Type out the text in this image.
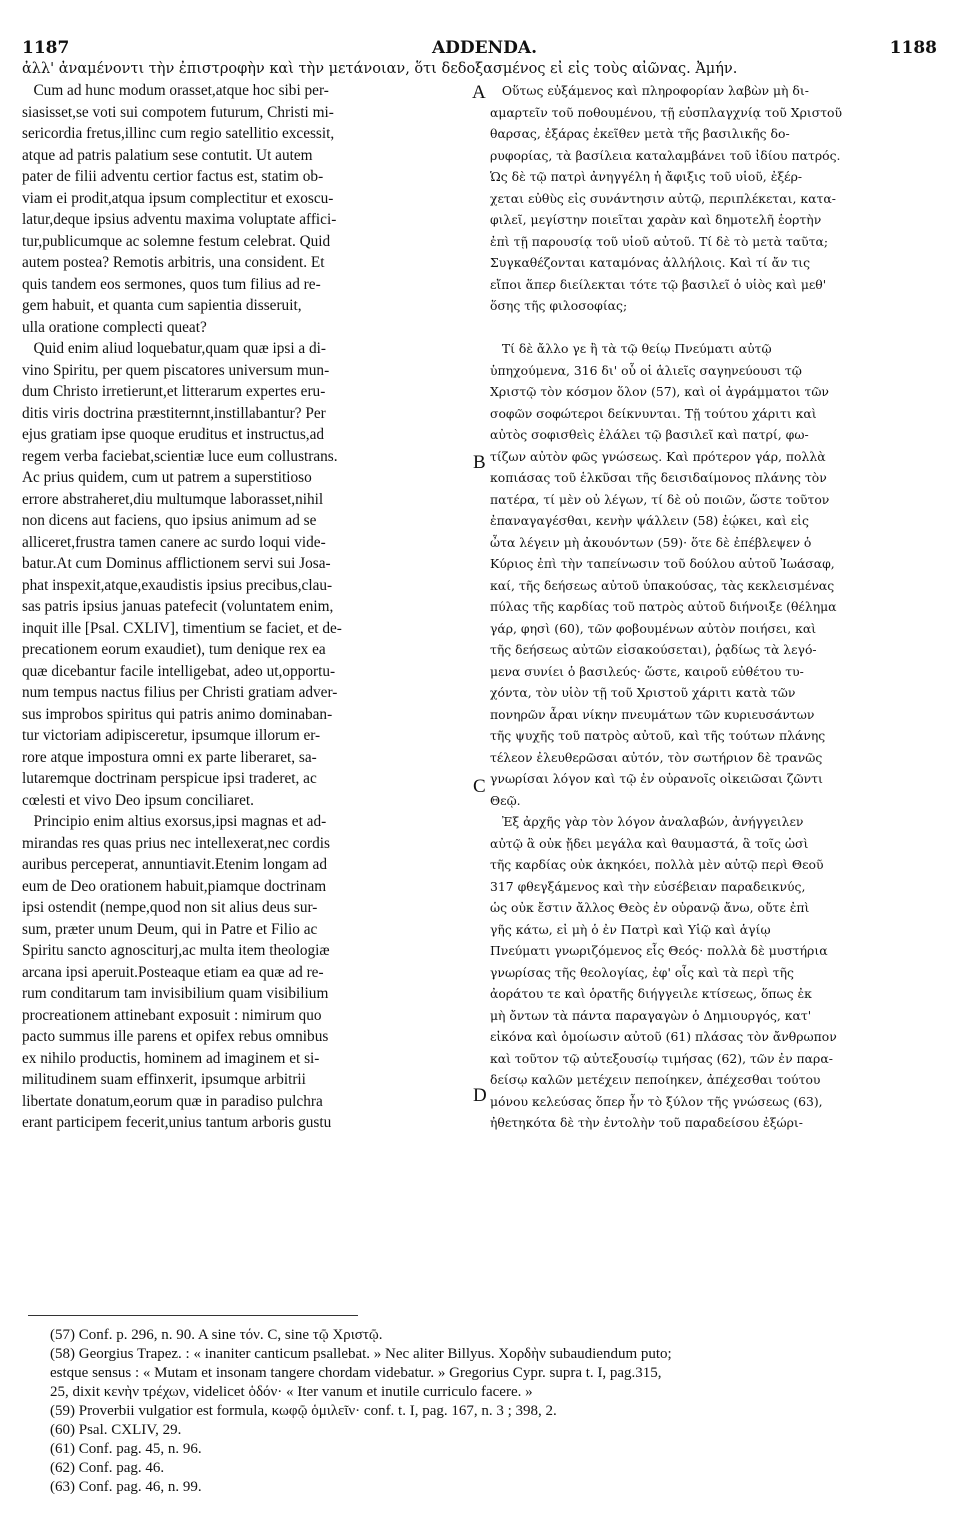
1187	ADDENDA.	1188
ἀλλ' ἀναμένοντι τὴν ἐπιστροφὴν καὶ τὴν μετάνοιαν, ὅτι δεδοξασμένος εἶ εἰς τοὺς αἰῶνας. Ἀμήν.
Cum ad hunc modum orasset,atque hoc sibi per-
siasisset,se voti sui compotem futurum, Christi mi-
sericordia fretus,illinc cum regio satellitio excessit,
atque ad patris palatium sese contutit. Ut autem
pater de filii adventu certior factus est, statim ob-
viam ei prodit,atqua ipsum complectitur et exoscu-
latur,deque ipsius adventu maxima voluptate affici-
tur,publicumque ac solemne festum celebrat. Quid
autem postea? Remotis arbitris, una consident. Et
quis tandem eos sermones, quos tum filius ad re-
gem habuit, et quanta cum sapientia disseruit,
ulla oratione complecti queat?
Quid enim aliud loquebatur,quam quæ ipsi a di-
vino Spiritu, per quem piscatores universum mun-
dum Christo irretierunt,et litterarum expertes eru-
ditis viris doctrina præstiternnt,instillabantur? Per
ejus gratiam ipse quoque eruditus et instructus,ad
regem verba faciebat,scientiæ luce eum collustrans.
Ac prius quidem, cum ut patrem a superstitioso
errore abstraheret,diu multumque laborasset,nihil
non dicens aut faciens, quo ipsius animum ad se
alliceret,frustra tamen canere ac surdo loqui vide-
batur.At cum Dominus afflictionem servi sui Josa-
phat inspexit,atque,exaudistis ipsius precibus,clau-
sas patris ipsius januas patefecit (voluntatem enim,
inquit ille [Psal. CXLIV], timentium se faciet, et de-
precationem eorum exaudiet), tum denique rex ea
quæ dicebantur facile intelligebat, adeo ut,opportu-
num tempus nactus filius per Christi gratiam adver-
sus improbos spiritus qui patris animo dominaban-
tur victoriam adipisceretur, ipsumque illorum er-
rore atque impostura omni ex parte liberaret, sa-
lutaremque doctrinam perspicue ipsi traderet, ac
cœlesti et vivo Deo ipsum conciliaret.
Principio enim altius exorsus,ipsi magnas et ad-
mirandas res quas prius nec intellexerat,nec cordis
auribus perceperat, annuntiavit.Etenim longam ad
eum de Deo orationem habuit,piamque doctrinam
ipsi ostendit (nempe,quod non sit alius deus sur-
sum, præter unum Deum, qui in Patre et Filio ac
Spiritu sancto agnosciturj,ac multa item theologiæ
arcana ipsi aperuit.Posteaque etiam ea quæ ad re-
rum conditarum tam invisibilium quam visibilium
procreationem attinebant exposuit : nimirum quo
pacto summus ille parens et opifex rebus omnibus
ex nihilo productis, hominem ad imaginem et si-
militudinem suam effinxerit, ipsumque arbitrii
libertate donatum,eorum quæ in paradiso pulchra
erant participem fecerit,unius tantum arboris gustu
Οὕτως εὐξάμενος καὶ πληροφορίαν λαβὼν μὴ δι-
αμαρτεῖν τοῦ ποθουμένου, τῇ εὐσπλαγχνίᾳ τοῦ Χριστοῦ
θαρσας, ἐξάρας ἐκεῖθεν μετὰ τῆς βασιλικῆς δο-
ρυφορίας, τὰ βασίλεια καταλαμβάνει τοῦ ἰδίου πατρός.
Ὡς δὲ τῷ πατρὶ ἀνηγγέλη ἡ ἄφιξις τοῦ υἱοῦ, ἐξέρ-
χεται εὐθὺς εἰς συνάντησιν αὐτῷ, περιπλέκεται, κατα-
φιλεῖ, μεγίστην ποιεῖται χαρὰν καὶ δημοτελῆ ἑορτὴν
ἐπὶ τῇ παρουσίᾳ τοῦ υἱοῦ αὐτοῦ. Τί δὲ τὸ μετὰ ταῦτα;
Συγκαθέζονται καταμόνας ἀλλήλοις. Καὶ τί ἄν τις
εἴποι ἅπερ διείλεκται τότε τῷ βασιλεῖ ὁ υἱὸς καὶ μεθ'
ὅσης τῆς φιλοσοφίας;

Τί δὲ ἄλλο γε ἢ τὰ τῷ θείῳ Πνεύματι αὐτῷ
ὑπηχούμενα, 316 δι' οὗ οἱ ἁλιεῖς σαγηνεύουσι τῷ
Χριστῷ τὸν κόσμον ὅλον (57), καὶ οἱ ἀγράμματοι τῶν
σοφῶν σοφώτεροι δείκνυνται. Τῇ τούτου χάριτι καὶ
αὐτὸς σοφισθεὶς ἐλάλει τῷ βασιλεῖ καὶ πατρί, φω-
τίζων αὐτὸν φῶς γνώσεως. Καὶ πρότερον γάρ, πολλὰ
κοπιάσας τοῦ ἑλκῦσαι τῆς δεισιδαίμονος πλάνης τὸν
πατέρα, τί μὲν οὐ λέγων, τί δὲ οὐ ποιῶν, ὥστε τοῦτον
ἐπαναγαγέσθαι, κενὴν ψάλλειν (58) ἐῴκει, καὶ εἰς
ὦτα λέγειν μὴ ἀκουόντων (59)· ὅτε δὲ ἐπέβλεψεν ὁ
Κύριος ἐπὶ τὴν ταπείνωσιν τοῦ δούλου αὐτοῦ Ἰωάσαφ,
καί, τῆς δεήσεως αὐτοῦ ὑπακούσας, τὰς κεκλεισμένας
πύλας τῆς καρδίας τοῦ πατρὸς αὐτοῦ διήνοιξε (θέλημα
γάρ, φησὶ (60), τῶν φοβουμένων αὐτὸν ποιήσει, καὶ
τῆς δεήσεως αὐτῶν εἰσακούσεται), ῥᾳδίως τὰ λεγό-
μενα συνίει ὁ βασιλεύς· ὥστε, καιροῦ εὐθέτου τυ-
χόντα, τὸν υἱὸν τῇ τοῦ Χριστοῦ χάριτι κατὰ τῶν
πονηρῶν ἆραι νίκην πνευμάτων τῶν κυριευσάντων
τῆς ψυχῆς τοῦ πατρὸς αὐτοῦ, καὶ τῆς τούτων πλάνης
τέλεον ἐλευθερῶσαι αὐτόν, τὸν σωτήριον δὲ τρανῶς
γνωρίσαι λόγον καὶ τῷ ἐν οὐρανοῖς οἰκειῶσαι ζῶντι
Θεῷ.
Ἐξ ἀρχῆς γὰρ τὸν λόγον ἀναλαβών, ἀνήγγειλεν
αὐτῷ ἃ οὐκ ᾔδει μεγάλα καὶ θαυμαστά, ἃ τοῖς ὠσὶ
τῆς καρδίας οὐκ ἀκηκόει, πολλὰ μὲν αὐτῷ περὶ Θεοῦ
317 φθεγξάμενος καὶ τὴν εὐσέβειαν παραδεικνύς,
ὡς οὐκ ἔστιν ἄλλος Θεὸς ἐν οὐρανῷ ἄνω, οὔτε ἐπὶ
γῆς κάτω, εἰ μὴ ὁ ἐν Πατρὶ καὶ Υἱῷ καὶ ἁγίῳ
Πνεύματι γνωριζόμενος εἷς Θεός· πολλὰ δὲ μυστήρια
γνωρίσας τῆς θεολογίας, ἐφ' οἷς καὶ τὰ περὶ τῆς
ἀοράτου τε καὶ ὁρατῆς διήγγειλε κτίσεως, ὅπως ἐκ
μὴ ὄντων τὰ πάντα παραγαγὼν ὁ Δημιουργός, κατ'
εἰκόνα καὶ ὁμοίωσιν αὐτοῦ (61) πλάσας τὸν ἄνθρωπον
καὶ τοῦτον τῷ αὐτεξουσίῳ τιμήσας (62), τῶν ἐν παρα-
δείσῳ καλῶν μετέχειν πεποίηκεν, ἀπέχεσθαι τούτου
μόνου κελεύσας ὅπερ ἦν τὸ ξύλον τῆς γνώσεως (63),
ἠθετηκότα δὲ τὴν ἐντολὴν τοῦ παραδείσου ἐξώρι-
A
B
C
D
(57) Conf. p. 296, n. 90. A sine τόν. C, sine τῷ Χριστῷ.
(58) Georgius Trapez. : « inaniter canticum psallebat. » Nec aliter Billyus. Χορδὴν subaudiendum puto;
estque sensus : « Mutam et insonam tangere chordam videbatur. » Gregorius Cypr. supra t. I, pag.315,
25, dixit κενὴν τρέχων, videlicet ὁδόν· « Iter vanum et inutile curriculo facere. »
(59) Proverbii vulgatior est formula, κωφῷ ὁμιλεῖν· conf. t. I, pag. 167, n. 3 ; 398, 2.
(60) Psal. CXLIV, 29.
(61) Conf. pag. 45, n. 96.
(62) Conf. pag. 46.
(63) Conf. pag. 46, n. 99.
